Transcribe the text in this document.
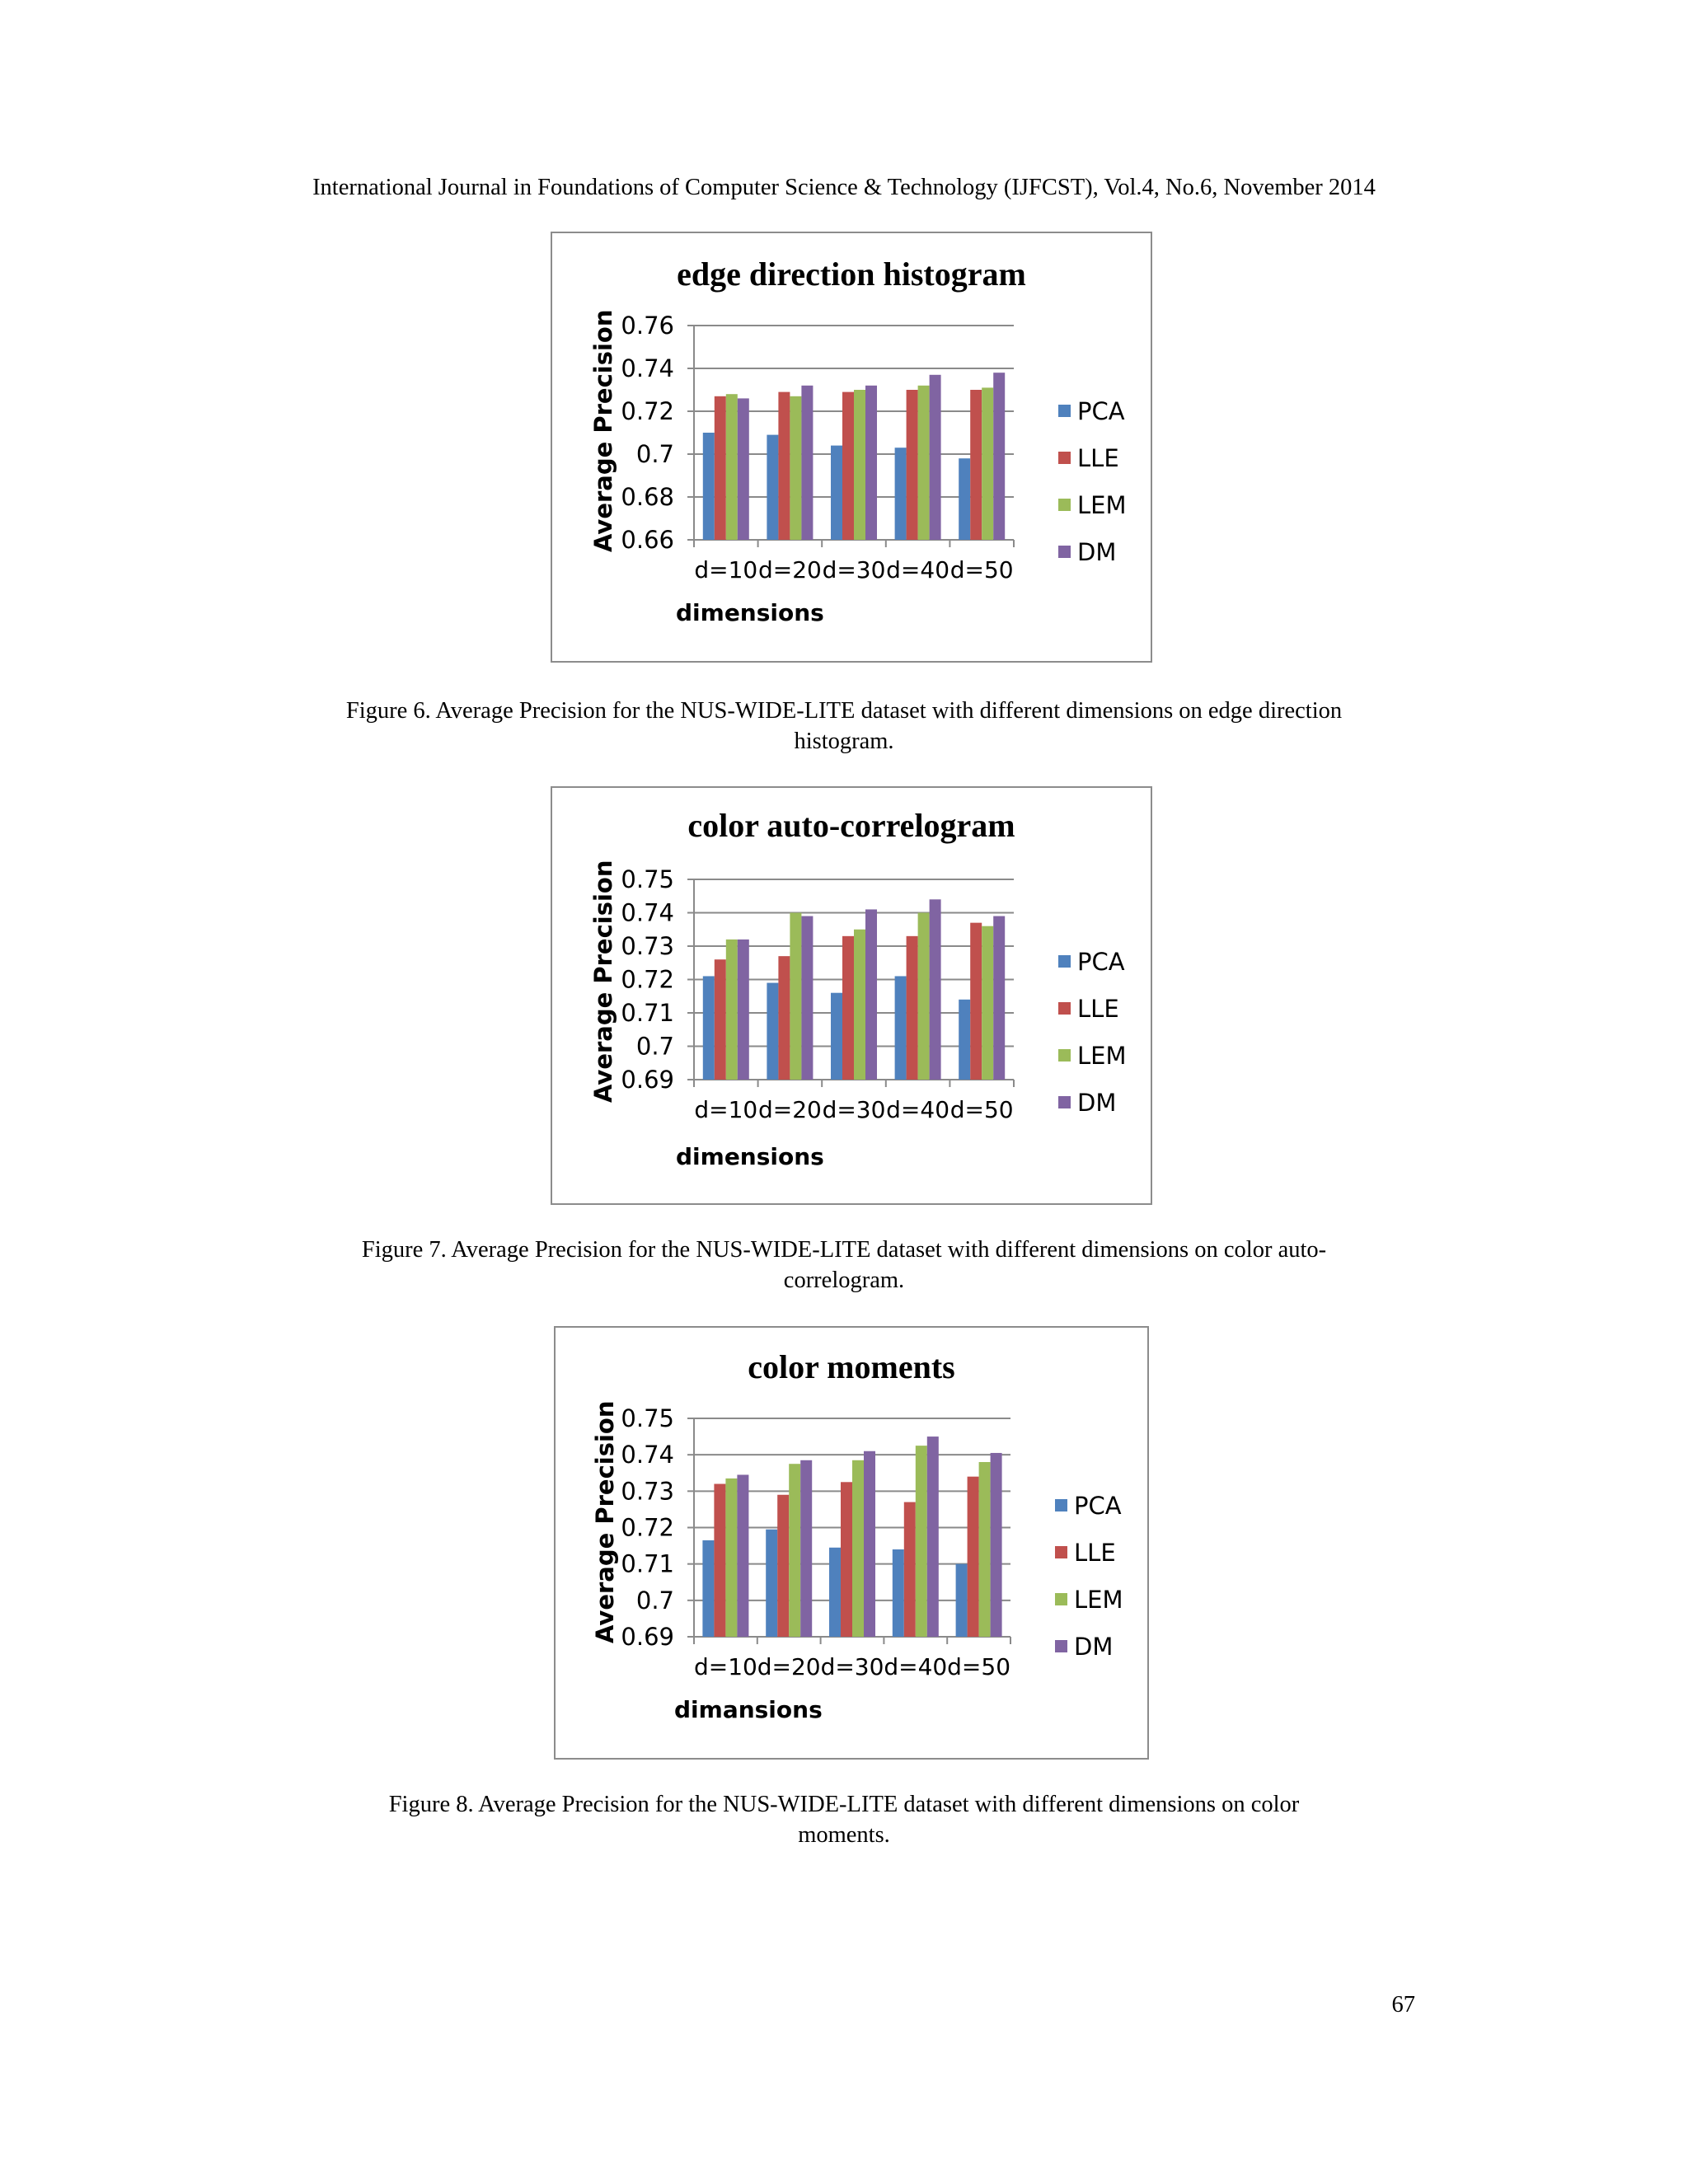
International Journal in Foundations of Computer Science & Technology (IJFCST), Vol.4, No.6, November 2014
edge direction histogram
Average Precision 0.76
0.74
0.72
0.7
0.68
0.66
d=10 d=20 d=30 d=40 d=50
dimensions
PCA
LLE
LEM
DM
Figure 6. Average Precision for the NUS-WIDE-LITE dataset with different dimensions on edge direction
histogram.
color auto-correlogram
Average Precision 0.75
0.74
0.73
0.72
0.71
0.7
0.69
d=10 d=20 d=30 d=40 d=50
dimensions
PCA
LLE
LEM
DM
Figure 7. Average Precision for the NUS-WIDE-LITE dataset with different dimensions on color auto-
correlogram.
color moments
Average Precision 0.75
0.74
0.73
0.72
0.71
0.7
0.69
d=10 d=20 d=30 d=40 d=50
dimansions
PCA
LLE
LEM
DM
Figure 8. Average Precision for the NUS-WIDE-LITE dataset with different dimensions on color
moments.
67
